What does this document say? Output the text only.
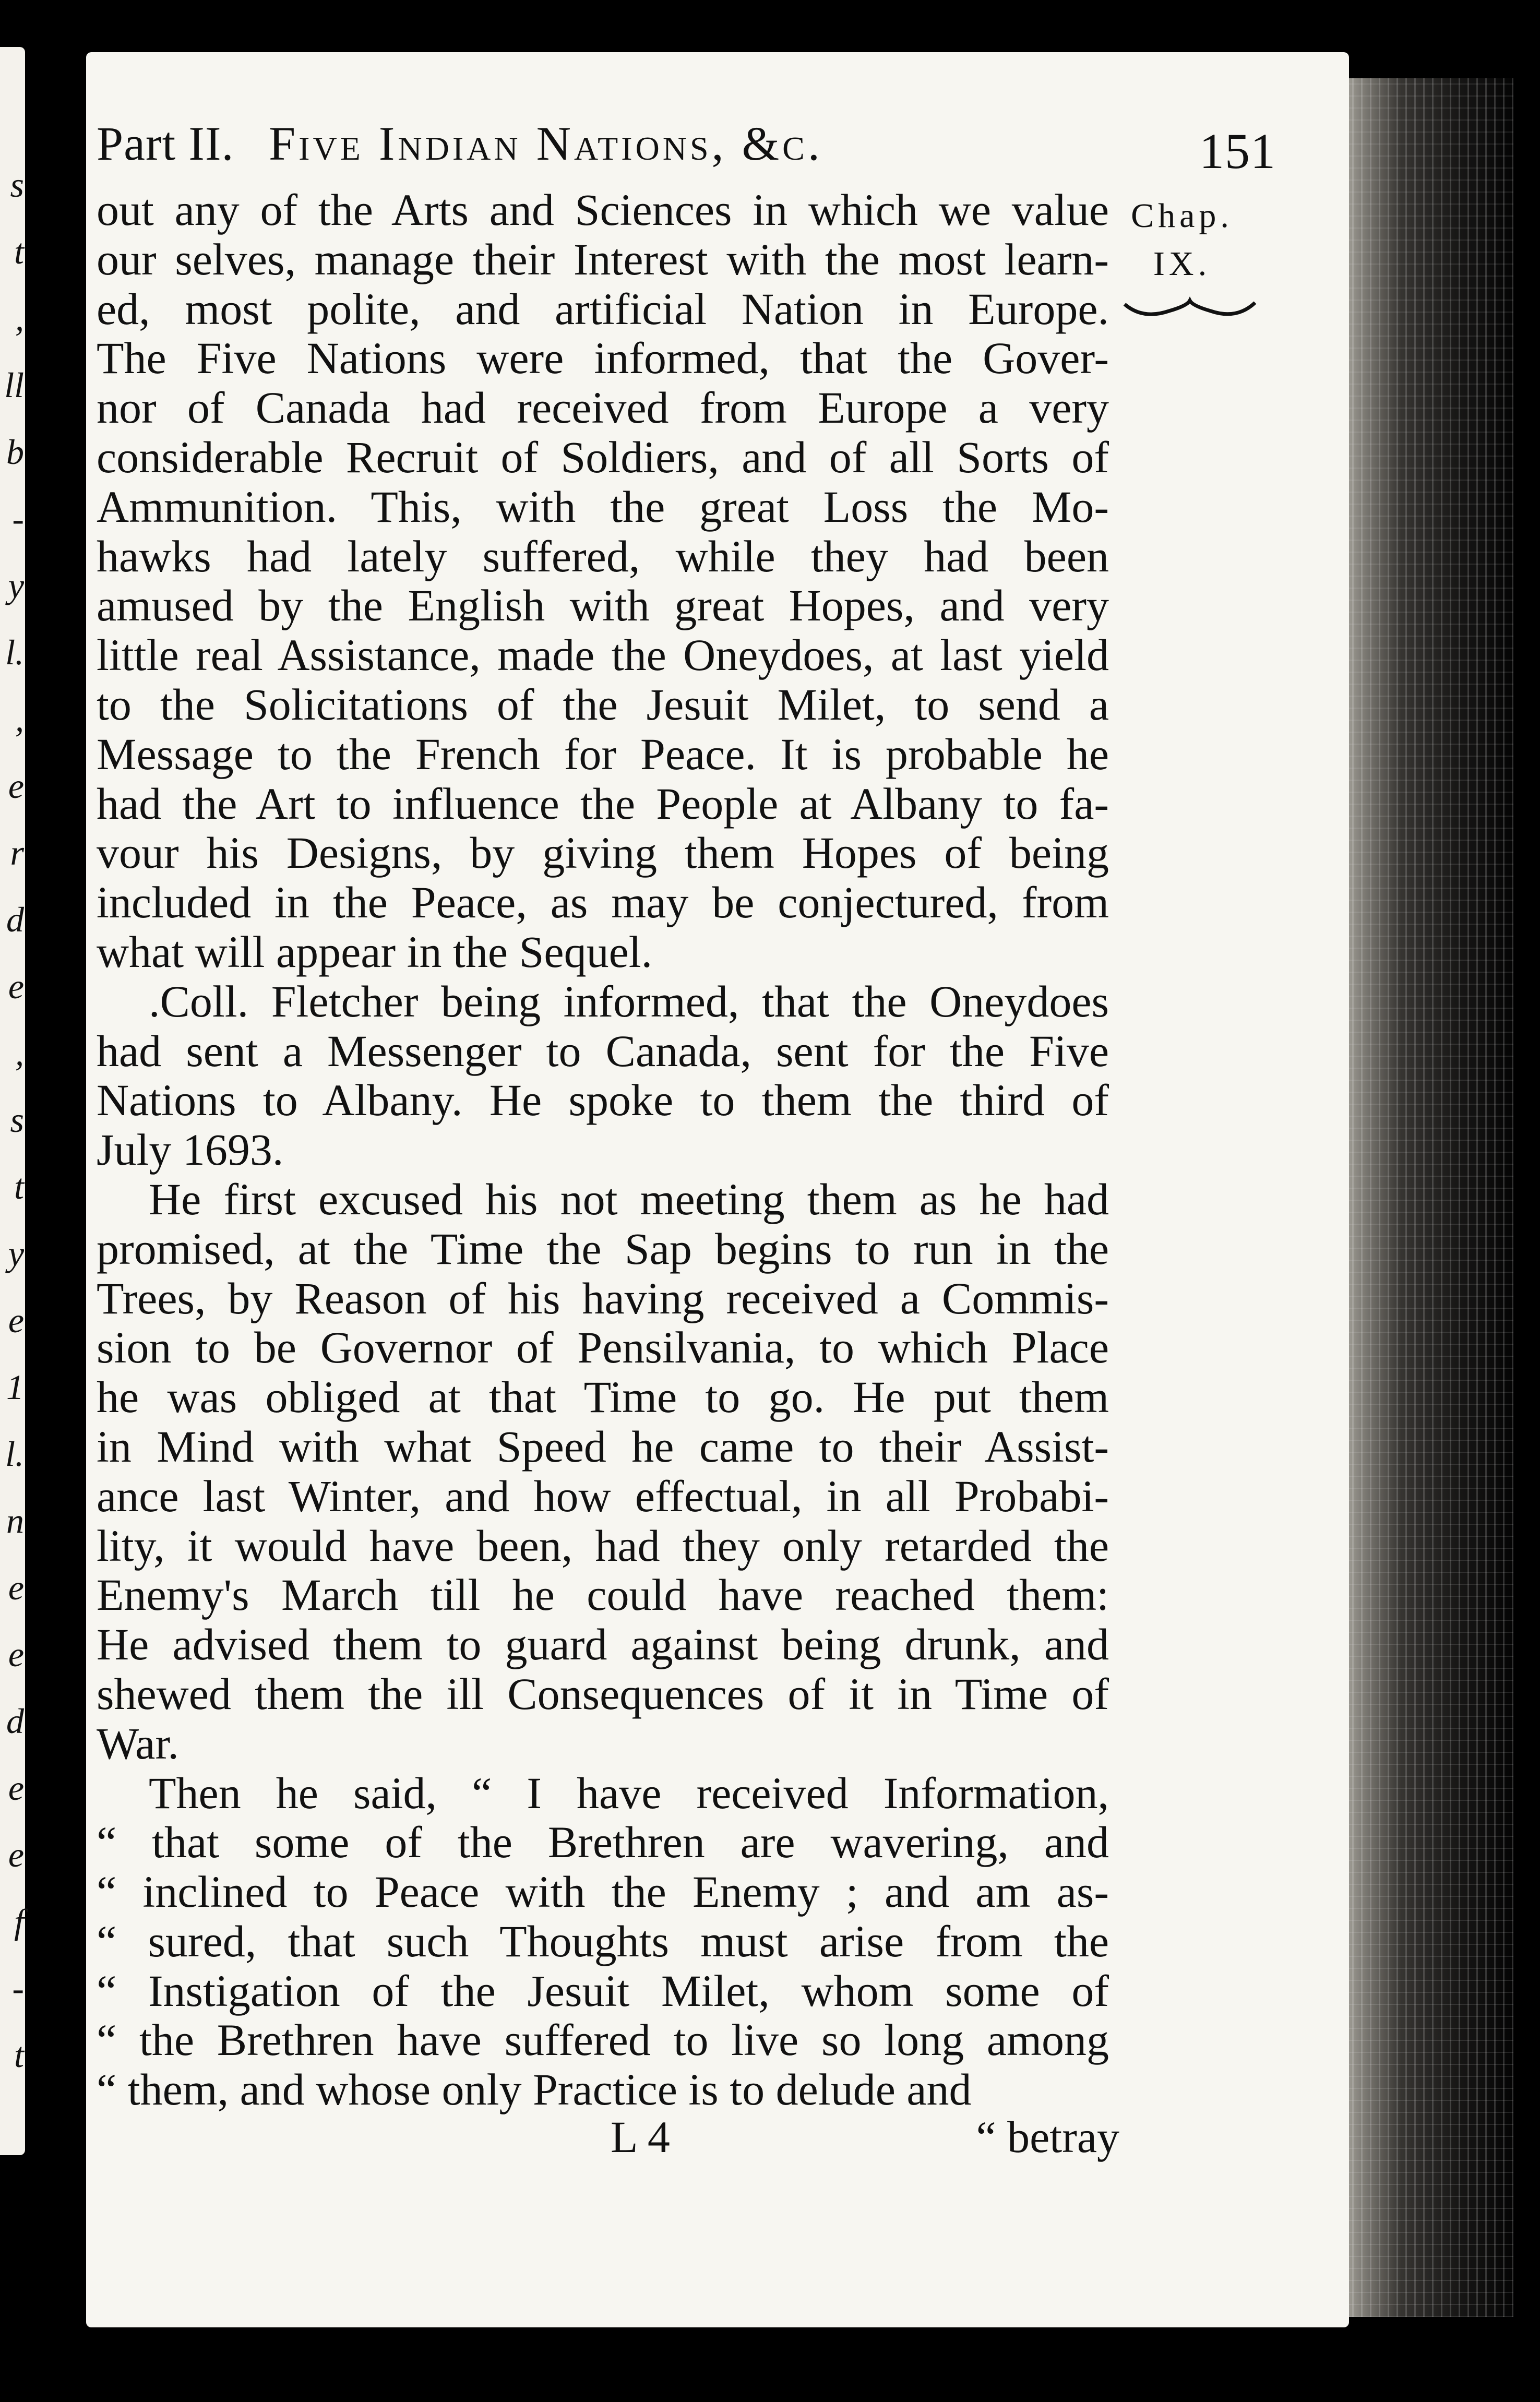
s
t
,
ll
b
-
y
l.
,
e
r
d
e
,
s
t
y
e
1
l.
n
e
e
d
e
e
f
-
t
Part II. Five Indian Nations, &c.	151
Chap.
IX.
out any of the Arts and Sciences in which we value
our selves, manage their Interest with the most learn-
ed, most polite, and artificial Nation in Europe.
The Five Nations were informed, that the Gover-
nor of Canada had received from Europe a very
considerable Recruit of Soldiers, and of all Sorts of
Ammunition. This, with the great Loss the Mo-
hawks had lately suffered, while they had been
amused by the English with great Hopes, and very
little real Assistance, made the Oneydoes, at last yield
to the Solicitations of the Jesuit Milet, to send a
Message to the French for Peace. It is probable he
had the Art to influence the People at Albany to fa-
vour his Designs, by giving them Hopes of being
included in the Peace, as may be conjectured, from
what will appear in the Sequel.
.Coll. Fletcher being informed, that the Oneydoes
had sent a Messenger to Canada, sent for the Five
Nations to Albany. He spoke to them the third of
July 1693.
He first excused his not meeting them as he had
promised, at the Time the Sap begins to run in the
Trees, by Reason of his having received a Commis-
sion to be Governor of Pensilvania, to which Place
he was obliged at that Time to go. He put them
in Mind with what Speed he came to their Assist-
ance last Winter, and how effectual, in all Probabi-
lity, it would have been, had they only retarded the
Enemy's March till he could have reached them:
He advised them to guard against being drunk, and
shewed them the ill Consequences of it in Time of
War.
Then he said, “ I have received Information,
“ that some of the Brethren are wavering, and
“ inclined to Peace with the Enemy ; and am as-
“ sured, that such Thoughts must arise from the
“ Instigation of the Jesuit Milet, whom some of
“ the Brethren have suffered to live so long among
“ them, and whose only Practice is to delude and
L 4	“ betray
